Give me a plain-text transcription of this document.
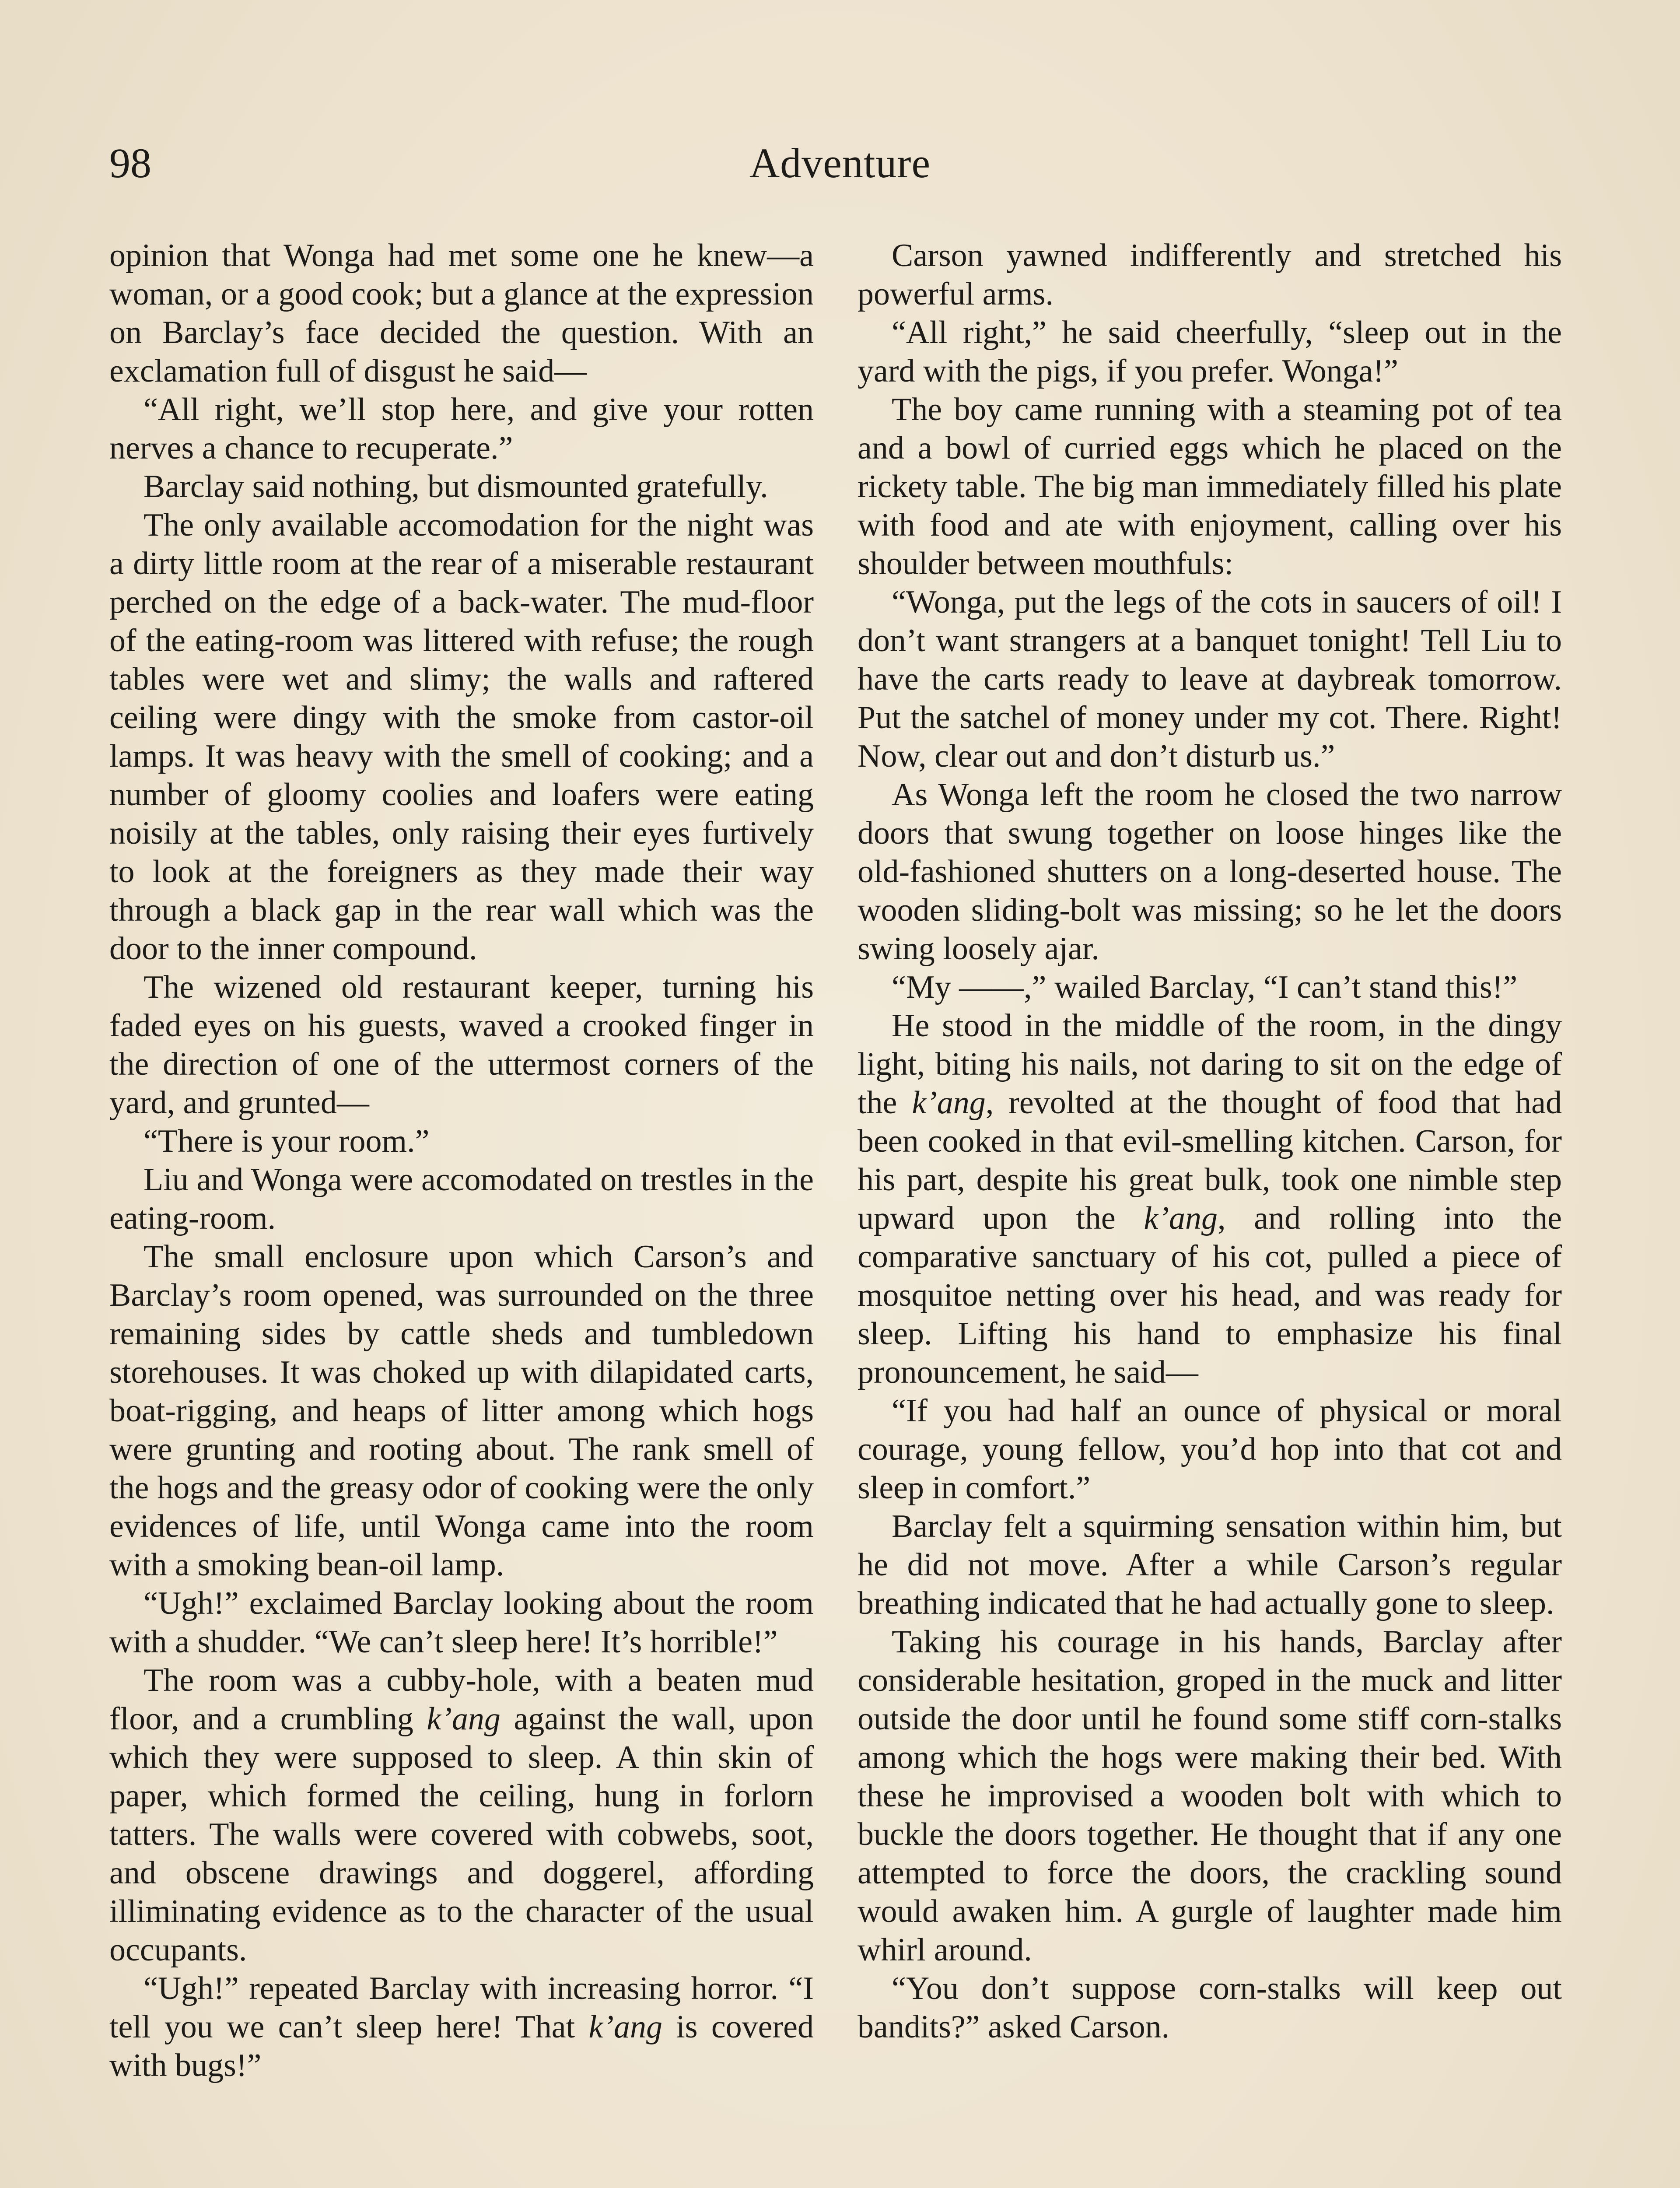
98	Adventure

opinion that Wonga had met some one he knew—a woman, or a good cook; but a glance at the expression on Barclay’s face decided the question. With an exclamation full of disgust he said—

“All right, we’ll stop here, and give your rotten nerves a chance to recuperate.”

Barclay said nothing, but dismounted gratefully.

The only available accomodation for the night was a dirty little room at the rear of a miserable restaurant perched on the edge of a back-water. The mud-floor of the eating-room was littered with refuse; the rough tables were wet and slimy; the walls and raftered ceiling were dingy with the smoke from castor-oil lamps. It was heavy with the smell of cooking; and a number of gloomy coolies and loafers were eating noisily at the tables, only raising their eyes furtively to look at the foreigners as they made their way through a black gap in the rear wall which was the door to the inner compound.

The wizened old restaurant keeper, turning his faded eyes on his guests, waved a crooked finger in the direction of one of the uttermost corners of the yard, and grunted—

“There is your room.”

Liu and Wonga were accomodated on trestles in the eating-room.

The small enclosure upon which Carson’s and Barclay’s room opened, was surrounded on the three remaining sides by cattle sheds and tumbledown storehouses. It was choked up with dilapidated carts, boat-rigging, and heaps of litter among which hogs were grunting and rooting about. The rank smell of the hogs and the greasy odor of cooking were the only evidences of life, until Wonga came into the room with a smoking bean-oil lamp.

“Ugh!” exclaimed Barclay looking about the room with a shudder. “We can’t sleep here! It’s horrible!”

The room was a cubby-hole, with a beaten mud floor, and a crumbling k’ang against the wall, upon which they were supposed to sleep. A thin skin of paper, which formed the ceiling, hung in forlorn tatters. The walls were covered with cobwebs, soot, and obscene drawings and doggerel, affording illiminating evidence as to the character of the usual occupants.

“Ugh!” repeated Barclay with increasing horror. “I tell you we can’t sleep here! That k’ang is covered with bugs!”

Carson yawned indifferently and stretched his powerful arms.

“All right,” he said cheerfully, “sleep out in the yard with the pigs, if you prefer. Wonga!”

The boy came running with a steaming pot of tea and a bowl of curried eggs which he placed on the rickety table. The big man immediately filled his plate with food and ate with enjoyment, calling over his shoulder between mouthfuls:

“Wonga, put the legs of the cots in saucers of oil! I don’t want strangers at a banquet tonight! Tell Liu to have the carts ready to leave at daybreak tomorrow. Put the satchel of money under my cot. There. Right! Now, clear out and don’t disturb us.”

As Wonga left the room he closed the two narrow doors that swung together on loose hinges like the old-fashioned shutters on a long-deserted house. The wooden sliding-bolt was missing; so he let the doors swing loosely ajar.

“My ——,” wailed Barclay, “I can’t stand this!”

He stood in the middle of the room, in the dingy light, biting his nails, not daring to sit on the edge of the k’ang, revolted at the thought of food that had been cooked in that evil-smelling kitchen. Carson, for his part, despite his great bulk, took one nimble step upward upon the k’ang, and rolling into the comparative sanctuary of his cot, pulled a piece of mosquitoe netting over his head, and was ready for sleep. Lifting his hand to emphasize his final pronouncement, he said—

“If you had half an ounce of physical or moral courage, young fellow, you’d hop into that cot and sleep in comfort.”

Barclay felt a squirming sensation within him, but he did not move. After a while Carson’s regular breathing indicated that he had actually gone to sleep.

Taking his courage in his hands, Barclay after considerable hesitation, groped in the muck and litter outside the door until he found some stiff corn-stalks among which the hogs were making their bed. With these he improvised a wooden bolt with which to buckle the doors together. He thought that if any one attempted to force the doors, the crackling sound would awaken him. A gurgle of laughter made him whirl around.

“You don’t suppose corn-stalks will keep out bandits?” asked Carson.
